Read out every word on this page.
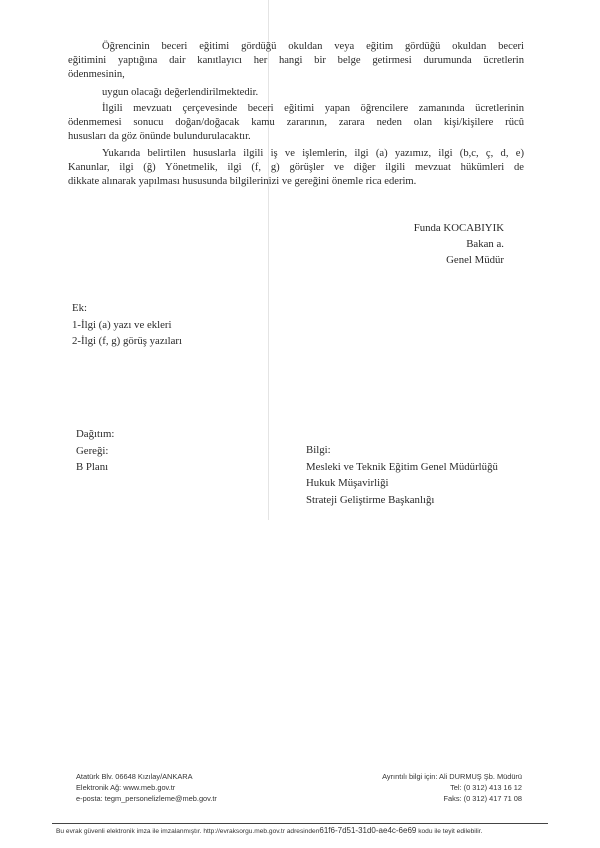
Öğrencinin beceri eğitimi gördüğü okuldan veya eğitim gördüğü okuldan beceri

eğitimini yaptığına dair kanıtlayıcı her hangi bir belge getirmesi durumunda ücretlerin

ödenmesinin,

uygun olacağı değerlendirilmektedir.

İlgili mevzuatı çerçevesinde beceri eğitimi yapan öğrencilere zamanında ücretlerinin

ödenmemesi sonucu doğan/doğacak kamu zararının, zarara neden olan kişi/kişilere rücû

hususları da göz önünde bulundurulacaktır.

Yukarıda belirtilen hususlarla ilgili iş ve işlemlerin, ilgi (a) yazımız, ilgi (b,c, ç, d, e)

Kanunlar, ilgi (ğ) Yönetmelik, ilgi (f, g) görüşler ve diğer ilgili mevzuat hükümleri de

dikkate alınarak yapılması hususunda bilgilerinizi ve gereğini önemle rica ederim.

Funda KOCABIYIK
Bakan a.
Genel Müdür
Ek:
1-İlgi (a) yazı ve ekleri
2-İlgi (f, g) görüş yazıları
Dağıtım:
Gereği:
B Planı
Bilgi:
Mesleki ve Teknik Eğitim Genel Müdürlüğü
Hukuk Müşavirliği
Strateji Geliştirme Başkanlığı
Atatürk Blv. 06648 Kızılay/ANKARA
Elektronik Ağ: www.meb.gov.tr
e-posta: tegm_personelizleme@meb.gov.tr
Ayrıntılı bilgi için: Ali DURMUŞ Şb. Müdürü
Tel: (0 312) 413 16 12
Faks: (0 312) 417 71 08
Bu evrak güvenli elektronik imza ile imzalanmıştır. http://evraksorgu.meb.gov.tr adresinden61f6-7d51-31d0-ae4c-6e69 kodu ile teyit edilebilir.
